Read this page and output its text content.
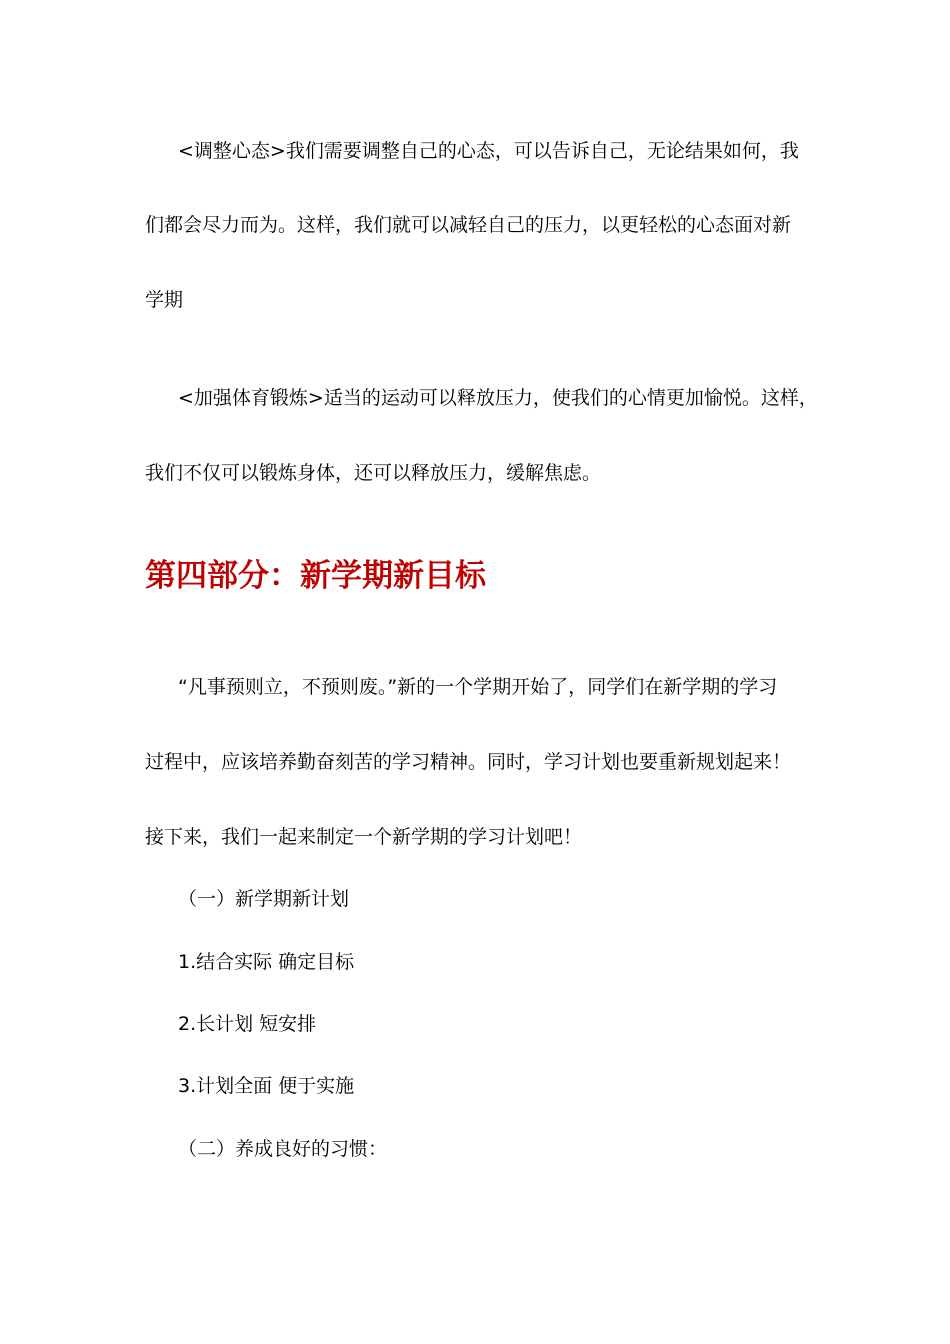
<调整心态>我们需要调整自己的心态，可以告诉自己，无论结果如何，我
们都会尽力而为。这样，我们就可以减轻自己的压力，以更轻松的心态面对新
学期
<加强体育锻炼>适当的运动可以释放压力，使我们的心情更加愉悦。这样，
我们不仅可以锻炼身体，还可以释放压力，缓解焦虑。
第四部分：新学期新目标
“凡事预则立，不预则废。”新的一个学期开始了，同学们在新学期的学习
过程中，应该培养勤奋刻苦的学习精神。同时，学习计划也要重新规划起来！
接下来，我们一起来制定一个新学期的学习计划吧！
（一）新学期新计划
1.结合实际 确定目标
2.长计划 短安排
3.计划全面 便于实施
（二）养成良好的习惯：
